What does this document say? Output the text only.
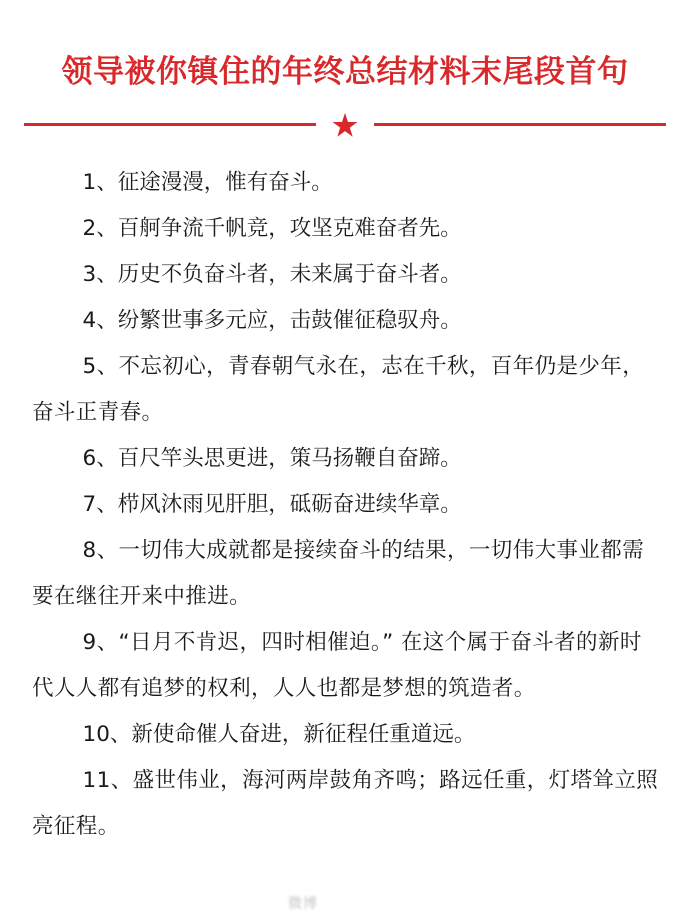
领导被你镇住的年终总结材料末尾段首句

1、征途漫漫，惟有奋斗。

2、百舸争流千帆竞，攻坚克难奋者先。

3、历史不负奋斗者，未来属于奋斗者。

4、纷繁世事多元应，击鼓催征稳驭舟。

5、不忘初心，青春朝气永在，志在千秋，百年仍是少年，奋斗正青春。

6、百尺竿头思更进，策马扬鞭自奋蹄。

7、栉风沐雨见肝胆，砥砺奋进续华章。

8、一切伟大成就都是接续奋斗的结果，一切伟大事业都需要在继往开来中推进。

9、“日月不肯迟，四时相催迫。” 在这个属于奋斗者的新时代人人都有追梦的权利，人人也都是梦想的筑造者。

10、新使命催人奋进，新征程任重道远。

11、盛世伟业，海河两岸鼓角齐鸣；路远任重，灯塔耸立照亮征程。

微博
